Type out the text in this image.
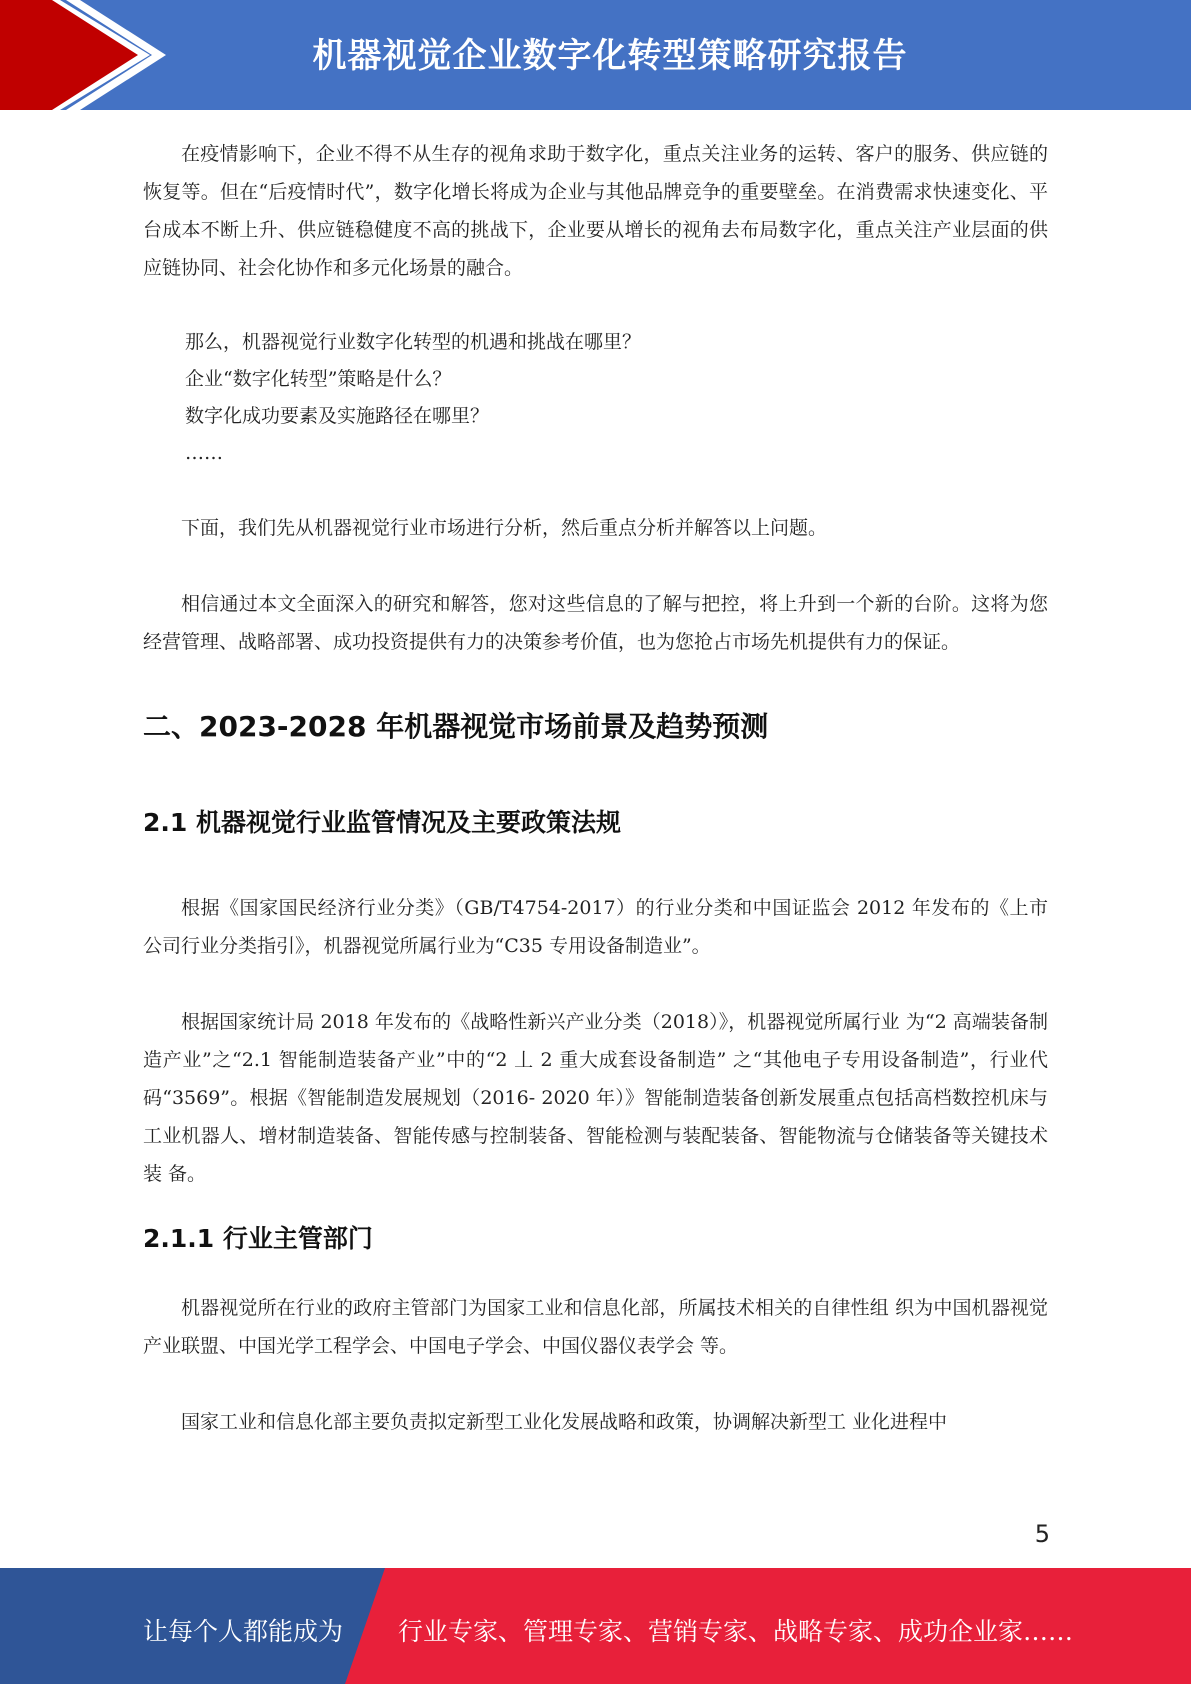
机器视觉企业数字化转型策略研究报告

在疫情影响下，企业不得不从生存的视角求助于数字化，重点关注业务的运转、客户的服务、供应链的恢复等。但在“后疫情时代”，数字化增长将成为企业与其他品牌竞争的重要壁垒。在消费需求快速变化、平台成本不断上升、供应链稳健度不高的挑战下，企业要从增长的视角去布局数字化，重点关注产业层面的供应链协同、社会化协作和多元化场景的融合。

那么，机器视觉行业数字化转型的机遇和挑战在哪里？

企业“数字化转型”策略是什么？

数字化成功要素及实施路径在哪里？

……

下面，我们先从机器视觉行业市场进行分析，然后重点分析并解答以上问题。

相信通过本文全面深入的研究和解答，您对这些信息的了解与把控，将上升到一个新的台阶。这将为您经营管理、战略部署、成功投资提供有力的决策参考价值，也为您抢占市场先机提供有力的保证。

二、2023-2028 年机器视觉市场前景及趋势预测
2.1 机器视觉行业监管情况及主要政策法规

根据《国家国民经济行业分类》（GB/T4754-2017）的行业分类和中国证监会 2012 年发布的《上市公司行业分类指引》，机器视觉所属行业为“C35 专用设备制造业”。

根据国家统计局 2018 年发布的《战略性新兴产业分类（2018）》，机器视觉所属行业 为“2 高端装备制造产业”之“2.1 智能制造装备产业”中的“2 丄 2 重大成套设备制造” 之“其他电子专用设备制造”，行业代码“3569”。根据《智能制造发展规划（2016- 2020 年）》智能制造装备创新发展重点包括高档数控机床与工业机器人、增材制造装备、智能传感与控制装备、智能检测与装配装备、智能物流与仓储装备等关键技术装 备。

2.1.1 行业主管部门

机器视觉所在行业的政府主管部门为国家工业和信息化部，所属技术相关的自律性组 织为中国机器视觉产业联盟、中国光学工程学会、中国电子学会、中国仪器仪表学会 等。

国家工业和信息化部主要负责拟定新型工业化发展战略和政策，协调解决新型工 业化进程中

5
让每个人都能成为 行业专家、管理专家、营销专家、战略专家、成功企业家……
